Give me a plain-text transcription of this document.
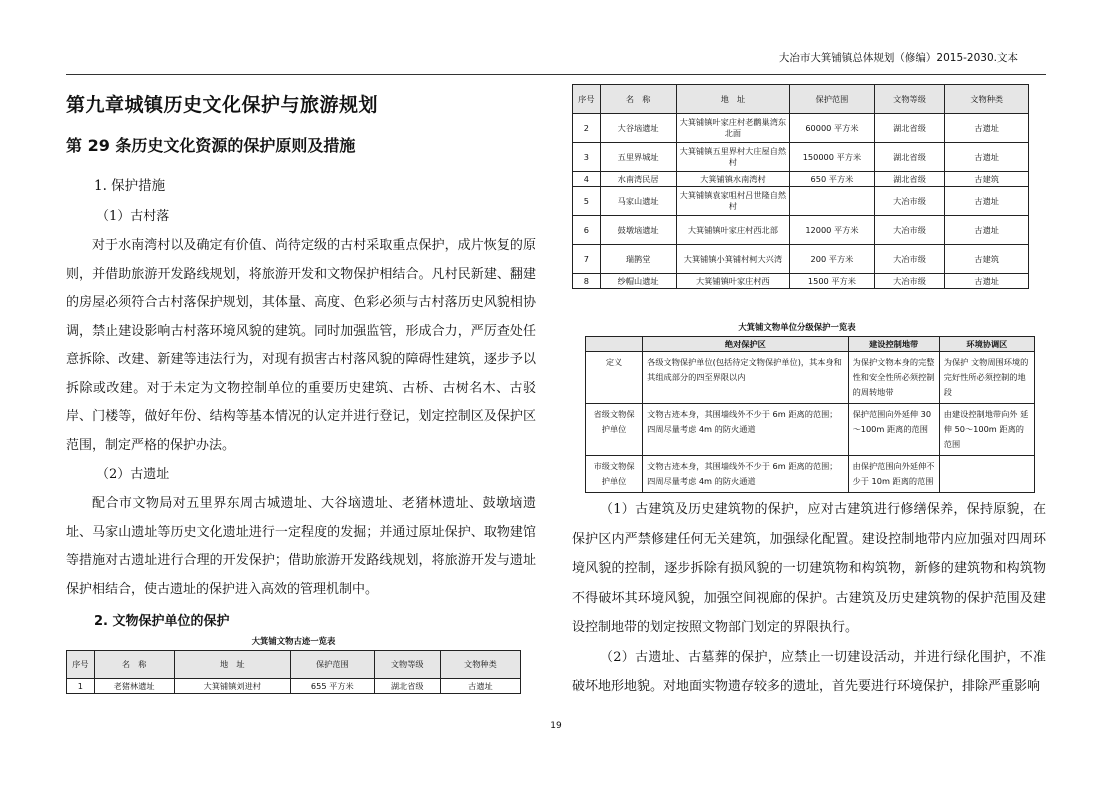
大冶市大箕铺镇总体规划（修编）2015-2030.文本
第九章城镇历史文化保护与旅游规划
第 29 条历史文化资源的保护原则及措施
1. 保护措施
（1）古村落

对于水南湾村以及确定有价值、尚待定级的古村采取重点保护，成片恢复的原则，并借助旅游开发路线规划，将旅游开发和文物保护相结合。凡村民新建、翻建的房屋必须符合古村落保护规划，其体量、高度、色彩必须与古村落历史风貌相协调，禁止建设影响古村落环境风貌的建筑。同时加强监管，形成合力，严厉查处任意拆除、改建、新建等违法行为，对现有损害古村落风貌的障碍性建筑，逐步予以拆除或改建。对于未定为文物控制单位的重要历史建筑、古桥、古树名木、古驳岸、门楼等，做好年份、结构等基本情况的认定并进行登记，划定控制区及保护区范围，制定严格的保护办法。

（2）古遗址

配合市文物局对五里界东周古城遗址、大谷垴遗址、老猪林遗址、鼓墩垴遗址、马家山遗址等历史文化遗址进行一定程度的发掘；并通过原址保护、取物建馆等措施对古遗址进行合理的开发保护；借助旅游开发路线规划，将旅游开发与遗址保护相结合，使古遗址的保护进入高效的管理机制中。

2. 文物保护单位的保护
大箕铺文物古迹一览表
序号	名　称	地　址	保护范围	文物等级	文物种类
1	老猪林遗址	大箕铺镇刘进村	655 平方米	湖北省级	古遗址
序号	名　称	地　址	保护范围	文物等级	文物种类
2	大谷垴遗址	大箕铺镇叶家庄村老鹳巢湾东北面	60000 平方米	湖北省级	古遗址
3	五里界城址	大箕铺镇五里界村大庄屋自然村	150000 平方米	湖北省级	古遗址
4	水南湾民居	大箕铺镇水南湾村	650 平方米	湖北省级	古建筑
5	马家山遗址	大箕铺镇袁家咀村吕世隆自然村		大冶市级	古遗址
6	鼓墩垴遗址	大箕铺镇叶家庄村西北部	12000 平方米	大冶市级	古遗址
7	瑞鹊堂	大箕铺镇小箕铺村柯大兴湾	200 平方米	大冶市级	古建筑
8	纱帽山遗址	大箕铺镇叶家庄村西	1500 平方米	大冶市级	古遗址
大箕铺文物单位分级保护一览表
	绝对保护区	建设控制地带	环境协调区
定义	各级文物保护单位(包括待定文物保护单位)，其本身和其组成部分的四至界限以内	为保护文物本身的完整性和安全性所必须控制的周转地带	为保护 文物周围环境的完好性所必须控制的地段
省级文物保护单位	文物古迹本身，其围墙线外不少于 6m 距离的范围；四周尽量考虑 4m 的防火通道	保护范围向外延伸 30～100m 距离的范围	由建设控制地带向外 延伸 50～100m 距离的范围
市级文物保护单位	文物古迹本身，其围墙线外不少于 6m 距离的范围；四周尽量考虑 4m 的防火通道	由保护范围向外延伸不少于 10m 距离的范围	

（1）古建筑及历史建筑物的保护，应对古建筑进行修缮保养，保持原貌，在保护区内严禁修建任何无关建筑，加强绿化配置。建设控制地带内应加强对四周环境风貌的控制，逐步拆除有损风貌的一切建筑物和构筑物，新修的建筑物和构筑物不得破坏其环境风貌，加强空间视廊的保护。古建筑及历史建筑物的保护范围及建设控制地带的划定按照文物部门划定的界限执行。

（2）古遗址、古墓葬的保护，应禁止一切建设活动，并进行绿化围护，不准破坏地形地貌。对地面实物遗存较多的遗址，首先要进行环境保护，排除严重影响

19
